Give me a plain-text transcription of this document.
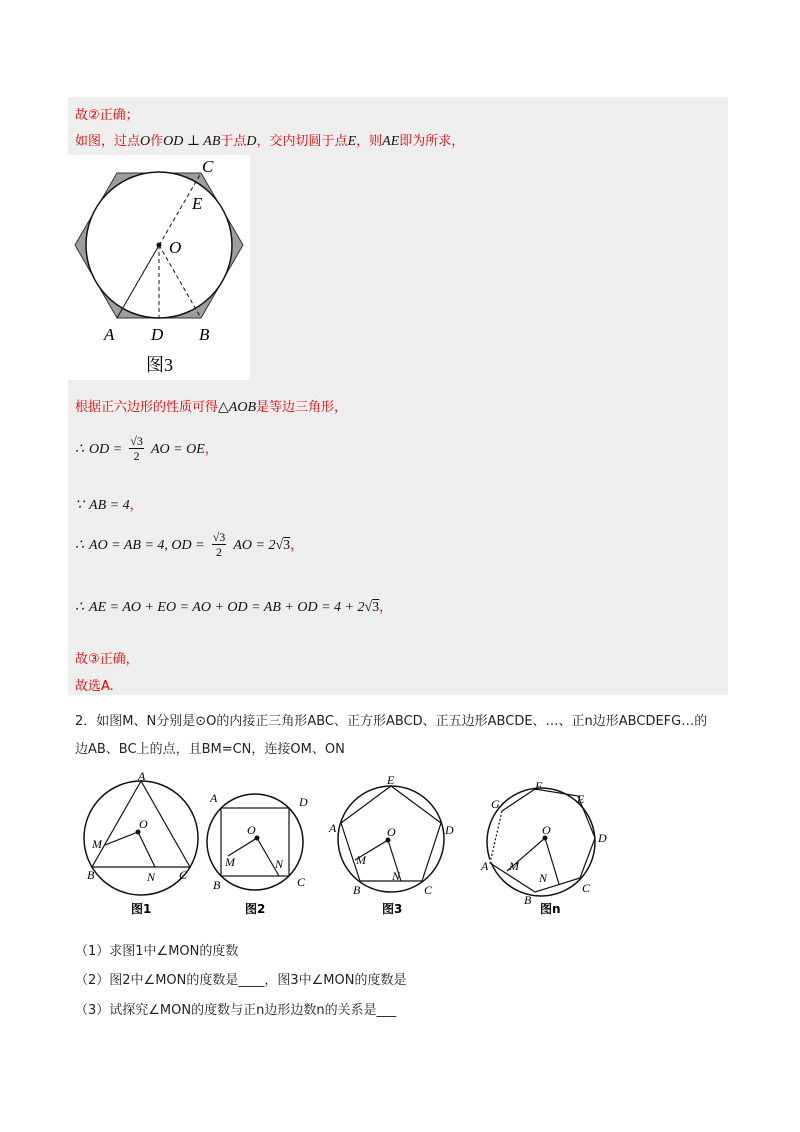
故②正确；
如图，过点O作OD ⊥ AB于点D，交内切圆于点E，则AE即为所求，
C
E
O
A D B
图3
根据正六边形的性质可得△AOB是等边三角形，
∴ OD = $\frac{√3}{2}$ AO = OE，
∵ AB = 4，
∴ AO = AB = 4, OD = $\frac{√3}{2}$ AO = 2√3，
∴ AE = AO + EO = AO + OD = AB + OD = 4 + 2√3，
故③正确，
故选A.
2．如图M、N分别是⊙O的内接正三角形ABC、正方形ABCD、正五边形ABCDE、…、正n边形ABCDEFG…的
边AB、BC上的点，且BM=CN，连接OM、ON
A
O
M
B	N C
图1
A	D
O
M	N
B	C
图2
E
A	D
O
M
N
B	C
图3
F
G	E
D
O
A M
N
B
C
图n
（1）求图1中∠MON的度数
（2）图2中∠MON的度数是____，图3中∠MON的度数是
（3）试探究∠MON的度数与正n边形边数n的关系是___
